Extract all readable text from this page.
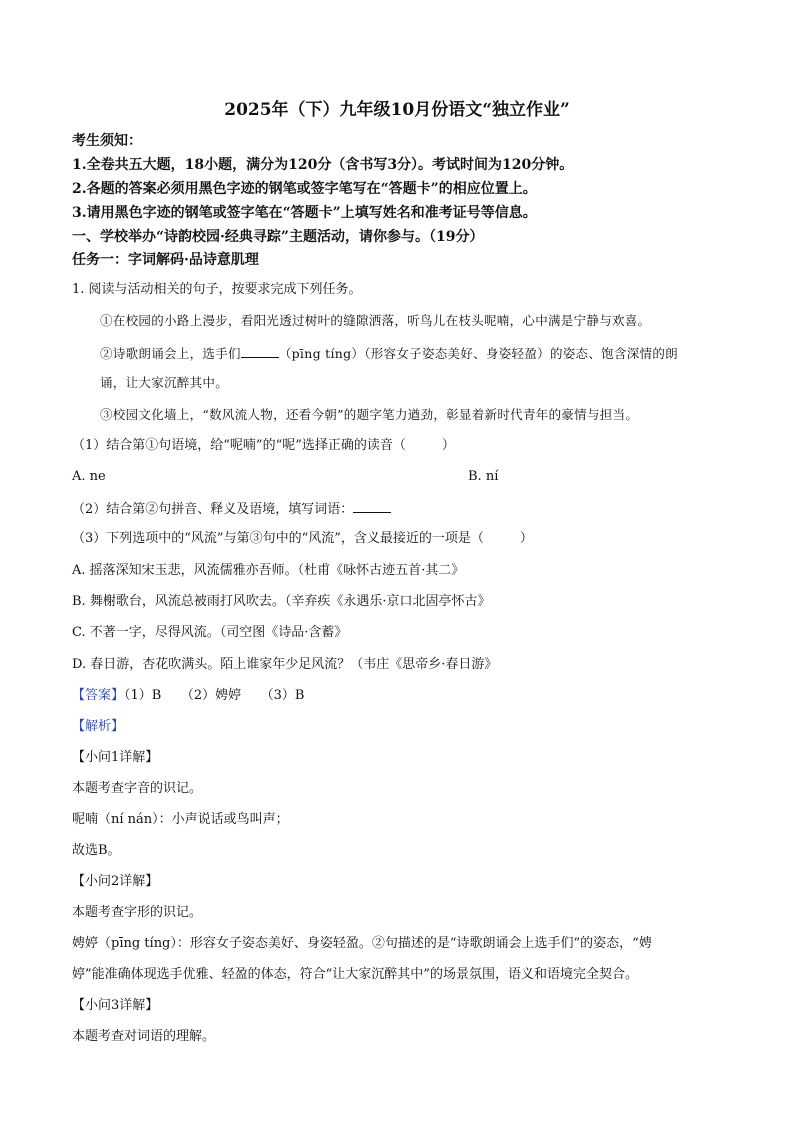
2025年（下）九年级10月份语文“独立作业”
考生须知：
1.全卷共五大题，18小题，满分为120分（含书写3分）。考试时间为120分钟。
2.各题的答案必须用黑色字迹的钢笔或签字笔写在“答题卡”的相应位置上。
3.请用黑色字迹的钢笔或签字笔在“答题卡”上填写姓名和准考证号等信息。
一、学校举办“诗韵校园·经典寻踪”主题活动，请你参与。（19分）
任务一：字词解码·品诗意肌理
1. 阅读与活动相关的句子，按要求完成下列任务。
①在校园的小路上漫步，看阳光透过树叶的缝隙洒落，听鸟儿在枝头呢喃，心中满是宁静与欢喜。
②诗歌朗诵会上，选手们	（pīng tíng）（形容女子姿态美好、身姿轻盈）的姿态、饱含深情的朗
诵，让大家沉醉其中。
③校园文化墙上，“数风流人物，还看今朝”的题字笔力遒劲，彰显着新时代青年的豪情与担当。
（1）结合第①句语境，给“呢喃”的“呢”选择正确的读音（	）
A. ne	B. ní
（2）结合第②句拼音、释义及语境，填写词语：
（3）下列选项中的“风流”与第③句中的“风流”，含义最接近的一项是（	）
A. 摇落深知宋玉悲，风流儒雅亦吾师。（杜甫《咏怀古迹五首·其二》
B. 舞榭歌台，风流总被雨打风吹去。（辛弃疾《永遇乐·京口北固亭怀古》
C. 不著一字，尽得风流。（司空图《诗品·含蓄》
D. 春日游，杏花吹满头。陌上谁家年少足风流？（韦庄《思帝乡·春日游》
【答案】（1）B　　（2）娉婷　　（3）B
【解析】
【小问1详解】
本题考查字音的识记。
呢喃（ní nán）：小声说话或鸟叫声；
故选B。
【小问2详解】
本题考查字形的识记。
娉婷（pīng tíng）：形容女子姿态美好、身姿轻盈。②句描述的是“诗歌朗诵会上选手们”的姿态，“娉
婷”能准确体现选手优雅、轻盈的体态，符合“让大家沉醉其中”的场景氛围，语义和语境完全契合。
【小问3详解】
本题考查对词语的理解。
